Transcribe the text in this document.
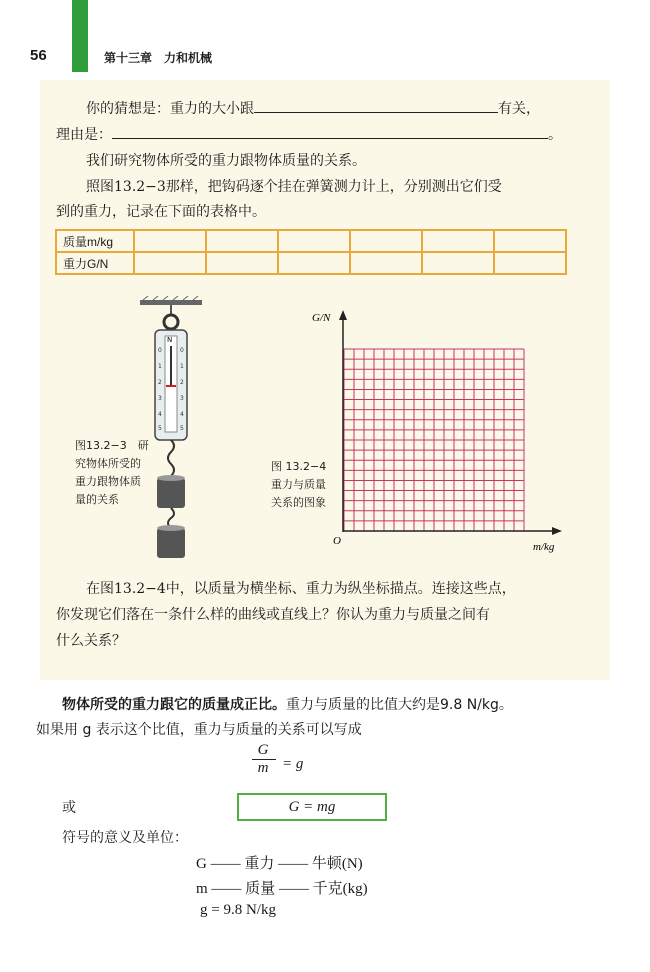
56	第十三章　力和机械
你的猜想是：重力的大小跟	有关，
理由是：	。
我们研究物体所受的重力跟物体质量的关系。
照图13.2−3那样，把钩码逐个挂在弹簧测力计上，分别测出它们受
到的重力，记录在下面的表格中。
质量m/kg						
重力G/N						
N
0
1
2
3
4
5
0
1
2
3
4
5
图13.2−3　研
究物体所受的
重力跟物体质
量的关系
图 13.2−4
重力与质量
关系的图象
G/N
m/kg
O
在图13.2−4中，以质量为横坐标、重力为纵坐标描点。连接这些点，
你发现它们落在一条什么样的曲线或直线上？你认为重力与质量之间有
什么关系？
物体所受的重力跟它的质量成正比。重力与质量的比值大约是9.8 N/kg。
如果用 g 表示这个比值，重力与质量的关系可以写成
G
m = g
或	G = mg
符号的意义及单位：
G —— 重力 —— 牛顿(N)
m —— 质量 —— 千克(kg)
g = 9.8 N/kg
